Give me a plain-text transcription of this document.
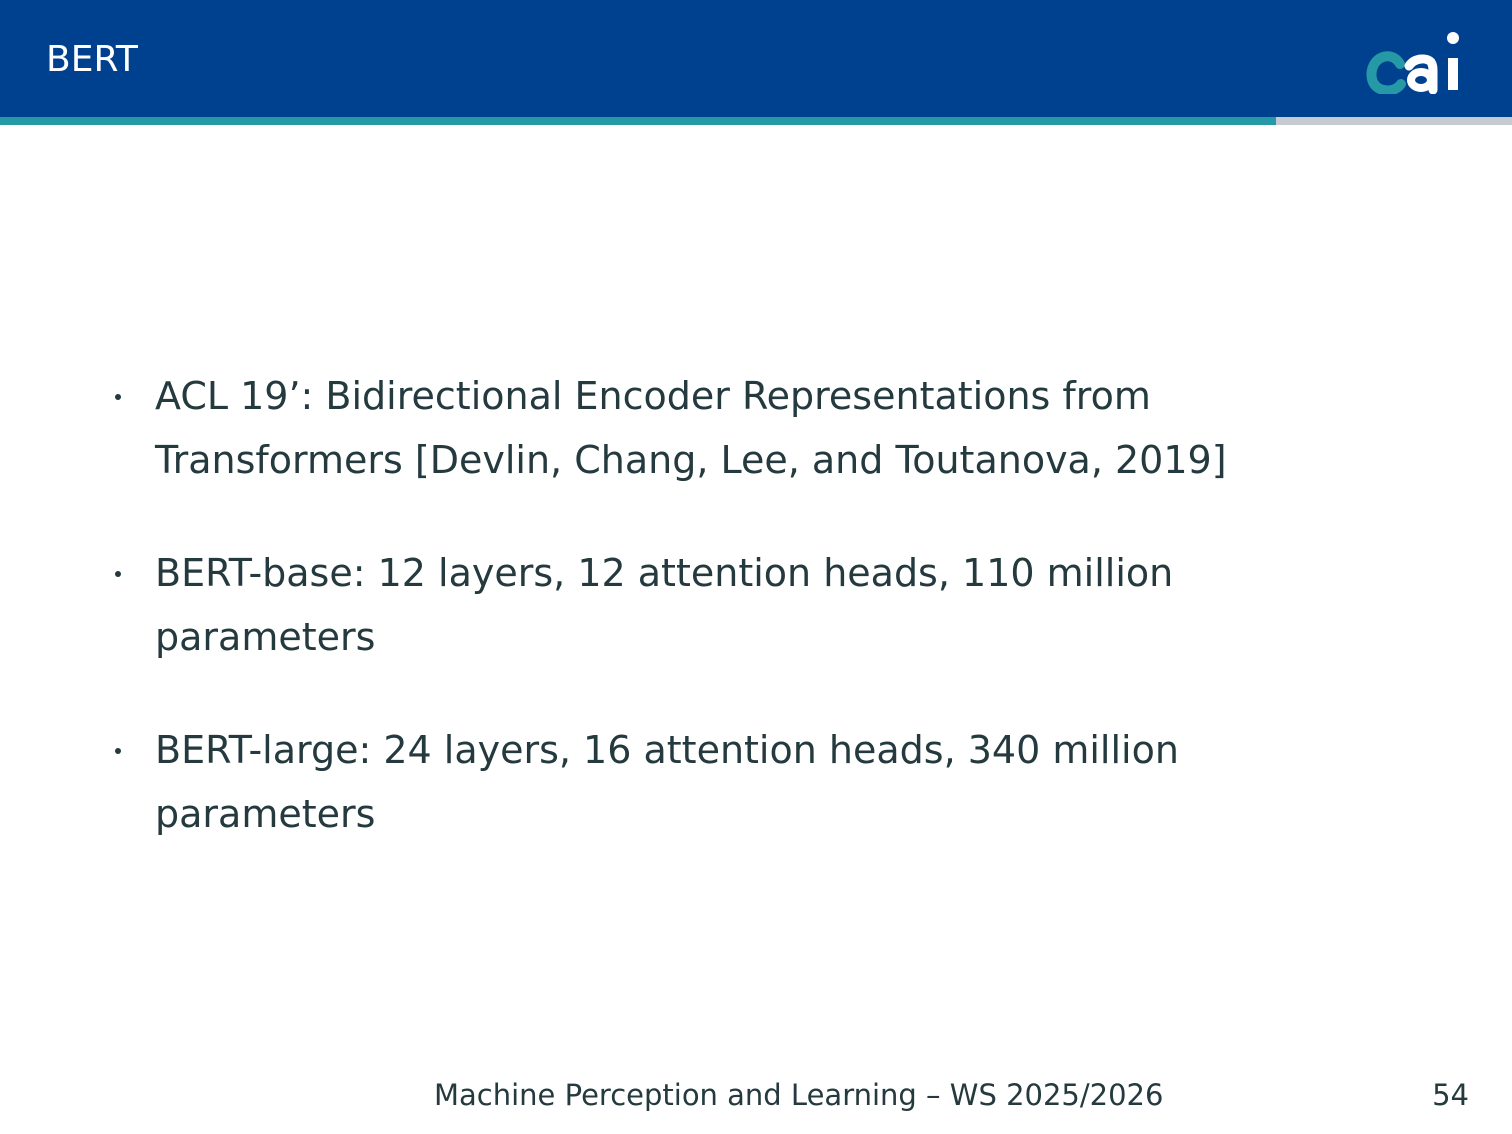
BERT
ACL 19’: Bidirectional Encoder Representations from Transformers [Devlin, Chang, Lee, and Toutanova, 2019]
BERT-base: 12 layers, 12 attention heads, 110 million parameters
BERT-large: 24 layers, 16 attention heads, 340 million parameters
Machine Perception and Learning – WS 2025/2026	54
